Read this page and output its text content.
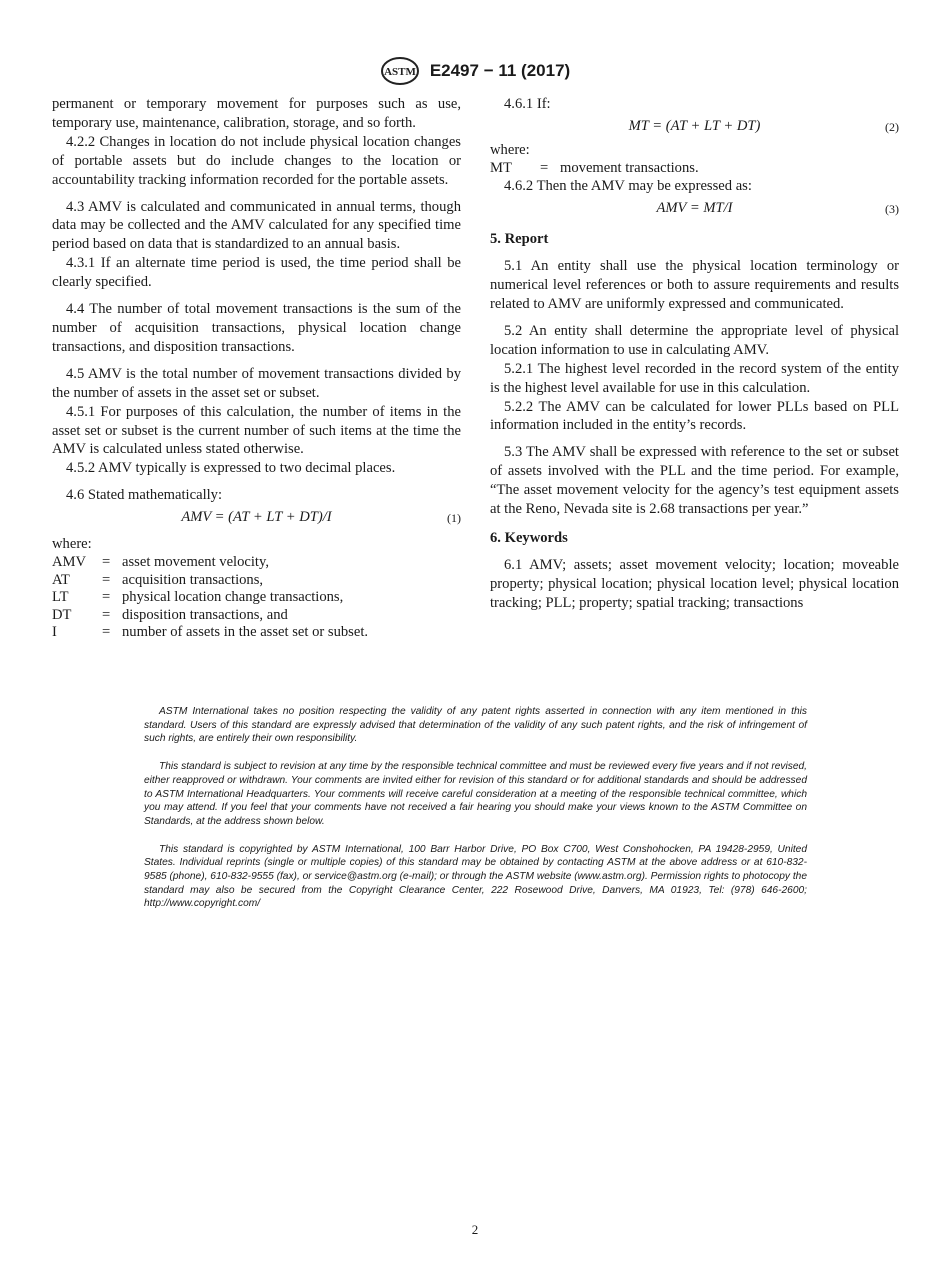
ASTM E2497 − 11 (2017)

permanent or temporary movement for purposes such as use, temporary use, maintenance, calibration, storage, and so forth.

4.2.2 Changes in location do not include physical location changes of portable assets but do include changes to the location or accountability tracking information recorded for the portable assets.

4.3 AMV is calculated and communicated in annual terms, though data may be collected and the AMV calculated for any specified time period based on data that is standardized to an annual basis.

4.3.1 If an alternate time period is used, the time period shall be clearly specified.

4.4 The number of total movement transactions is the sum of the number of acquisition transactions, physical location change transactions, and disposition transactions.

4.5 AMV is the total number of movement transactions divided by the number of assets in the asset set or subset.

4.5.1 For purposes of this calculation, the number of items in the asset set or subset is the current number of such items at the time the AMV is calculated unless stated otherwise.

4.5.2 AMV typically is expressed to two decimal places.

4.6 Stated mathematically:

AMV = (AT + LT + DT)/I	(1)

where:

AMV	=	asset movement velocity,
AT	=	acquisition transactions,
LT	=	physical location change transactions,
DT	=	disposition transactions, and
I	=	number of assets in the asset set or subset.

4.6.1 If:

MT = (AT + LT + DT)	(2)

where:

MT	=	movement transactions.

4.6.2 Then the AMV may be expressed as:

AMV = MT/I	(3)
5. Report

5.1 An entity shall use the physical location terminology or numerical level references or both to assure requirements and results related to AMV are uniformly expressed and communicated.

5.2 An entity shall determine the appropriate level of physical location information to use in calculating AMV.

5.2.1 The highest level recorded in the record system of the entity is the highest level available for use in this calculation.

5.2.2 The AMV can be calculated for lower PLLs based on PLL information included in the entity’s records.

5.3 The AMV shall be expressed with reference to the set or subset of assets involved with the PLL and the time period. For example, “The asset movement velocity for the agency’s test equipment assets at the Reno, Nevada site is 2.68 transactions per year.”

6. Keywords

6.1 AMV; assets; asset movement velocity; location; moveable property; physical location; physical location level; physical location tracking; PLL; property; spatial tracking; transactions

ASTM International takes no position respecting the validity of any patent rights asserted in connection with any item mentioned in this standard. Users of this standard are expressly advised that determination of the validity of any such patent rights, and the risk of infringement of such rights, are entirely their own responsibility.

This standard is subject to revision at any time by the responsible technical committee and must be reviewed every five years and if not revised, either reapproved or withdrawn. Your comments are invited either for revision of this standard or for additional standards and should be addressed to ASTM International Headquarters. Your comments will receive careful consideration at a meeting of the responsible technical committee, which you may attend. If you feel that your comments have not received a fair hearing you should make your views known to the ASTM Committee on Standards, at the address shown below.

This standard is copyrighted by ASTM International, 100 Barr Harbor Drive, PO Box C700, West Conshohocken, PA 19428-2959, United States. Individual reprints (single or multiple copies) of this standard may be obtained by contacting ASTM at the above address or at 610-832-9585 (phone), 610-832-9555 (fax), or service@astm.org (e-mail); or through the ASTM website (www.astm.org). Permission rights to photocopy the standard may also be secured from the Copyright Clearance Center, 222 Rosewood Drive, Danvers, MA 01923, Tel: (978) 646-2600; http://www.copyright.com/

2
